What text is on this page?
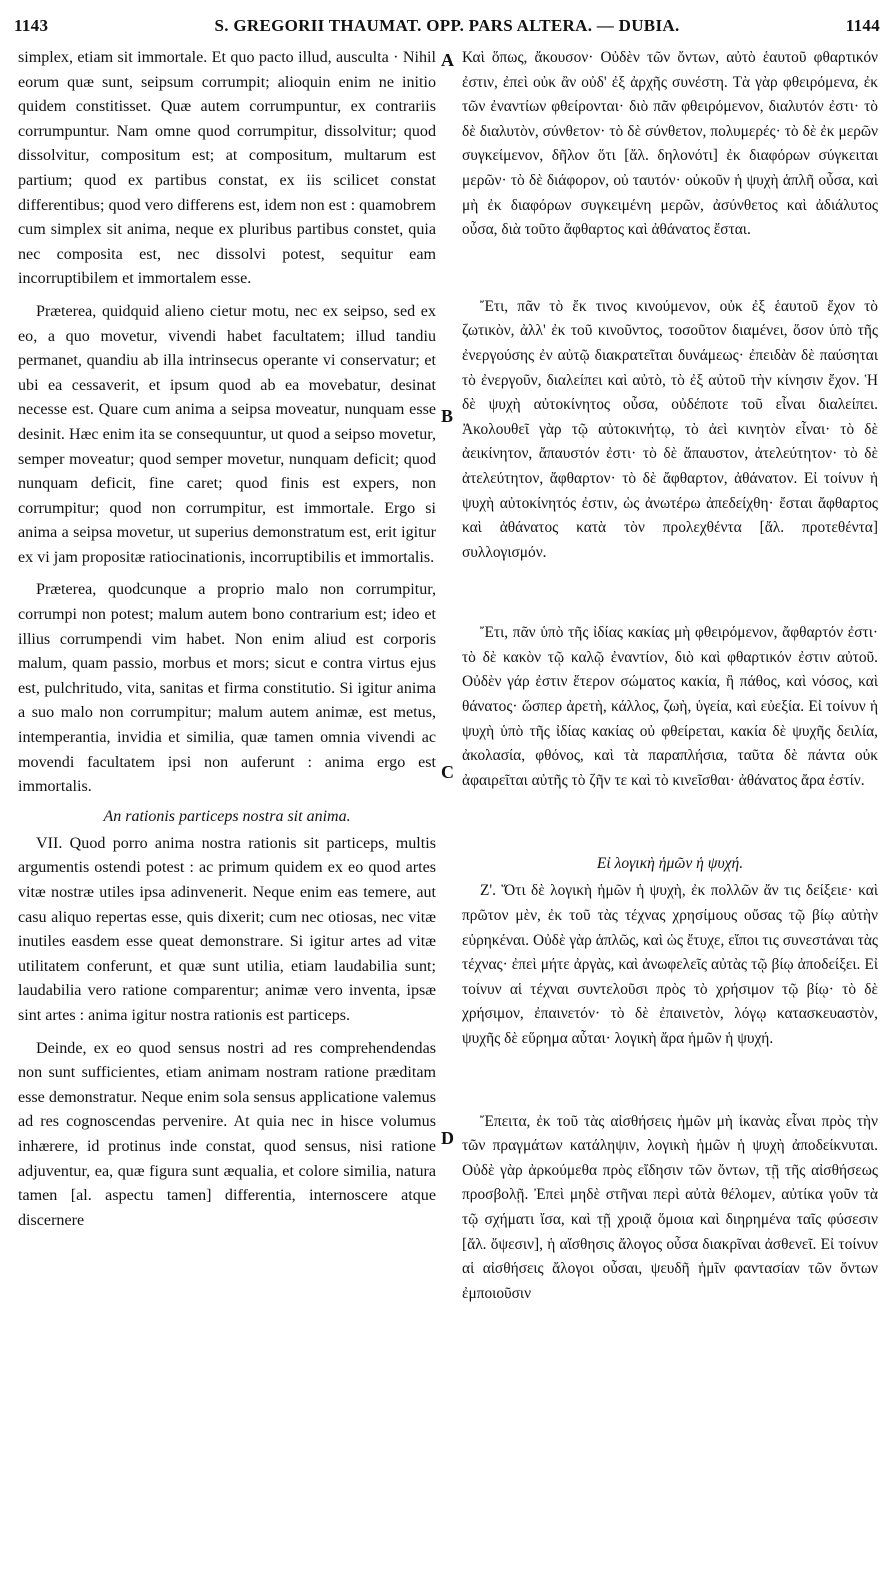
1143	S. GREGORII THAUMAT. OPP. PARS ALTERA. — DUBIA.	1144
A
B
C
D

simplex, etiam sit immortale. Et quo pacto illud, ausculta · Nihil eorum quæ sunt, seipsum corrumpit; alioquin enim ne initio quidem constitisset. Quæ autem corrumpuntur, ex contrariis corrumpuntur. Nam omne quod corrumpitur, dissolvitur; quod dissolvitur, compositum est; at compositum, multarum est partium; quod ex partibus constat, ex iis scilicet constat differentibus; quod vero differens est, idem non est : quamobrem cum simplex sit anima, neque ex pluribus partibus constet, quia nec composita est, nec dissolvi potest, sequitur eam incorruptibilem et immortalem esse.

Præterea, quidquid alieno cietur motu, nec ex seipso, sed ex eo, a quo movetur, vivendi habet facultatem; illud tandiu permanet, quandiu ab illa intrinsecus operante vi conservatur; et ubi ea cessaverit, et ipsum quod ab ea movebatur, desinat necesse est. Quare cum anima a seipsa moveatur, nunquam esse desinit. Hæc enim ita se consequuntur, ut quod a seipso movetur, semper moveatur; quod semper movetur, nunquam deficit; quod nunquam deficit, fine caret; quod finis est expers, non corrumpitur; quod non corrumpitur, est immortale. Ergo si anima a seipsa movetur, ut superius demonstratum est, erit igitur ex vi jam propositæ ratiocinationis, incorruptibilis et immortalis.

Præterea, quodcunque a proprio malo non corrumpitur, corrumpi non potest; malum autem bono contrarium est; ideo et illius corrumpendi vim habet. Non enim aliud est corporis malum, quam passio, morbus et mors; sicut e contra virtus ejus est, pulchritudo, vita, sanitas et firma constitutio. Si igitur anima a suo malo non corrumpitur; malum autem animæ, est metus, intemperantia, invidia et similia, quæ tamen omnia vivendi ac movendi facultatem ipsi non auferunt : anima ergo est immortalis.

An rationis particeps nostra sit anima.

VII. Quod porro anima nostra rationis sit particeps, multis argumentis ostendi potest : ac primum quidem ex eo quod artes vitæ nostræ utiles ipsa adinvenerit. Neque enim eas temere, aut casu aliquo repertas esse, quis dixerit; cum nec otiosas, nec vitæ inutiles easdem esse queat demonstrare. Si igitur artes ad vitæ utilitatem conferunt, et quæ sunt utilia, etiam laudabilia sunt; laudabilia vero ratione comparentur; animæ vero inventa, ipsæ sint artes : anima igitur nostra rationis est particeps.

Deinde, ex eo quod sensus nostri ad res comprehendendas non sunt sufficientes, etiam animam nostram ratione præditam esse demonstratur. Neque enim sola sensus applicatione valemus ad res cognoscendas pervenire. At quia nec in hisce volumus inhærere, id protinus inde constat, quod sensus, nisi ratione adjuventur, ea, quæ figura sunt æqualia, et colore similia, natura tamen [al. aspectu tamen] differentia, internoscere atque discernere

Καὶ ὅπως, ἄκουσον· Οὐδὲν τῶν ὄντων, αὐτὸ ἑαυτοῦ φθαρτικόν ἐστιν, ἐπεὶ οὐκ ἂν οὐδ' ἐξ ἀρχῆς συνέστη. Τὰ γὰρ φθειρόμενα, ἐκ τῶν ἐναντίων φθείρονται· διὸ πᾶν φθειρόμενον, διαλυτόν ἐστι· τὸ δὲ διαλυτὸν, σύνθετον· τὸ δὲ σύνθετον, πολυμερές· τὸ δὲ ἐκ μερῶν συγκείμενον, δῆλον ὅτι [ἄλ. δηλονότι] ἐκ διαφόρων σύγκειται μερῶν· τὸ δὲ διάφορον, οὐ ταυτόν· οὐκοῦν ἡ ψυχὴ ἁπλῆ οὖσα, καὶ μὴ ἐκ διαφόρων συγκειμένη μερῶν, ἀσύνθετος καὶ ἀδιάλυτος οὖσα, διὰ τοῦτο ἄφθαρτος καὶ ἀθάνατος ἔσται.

Ἔτι, πᾶν τὸ ἔκ τινος κινούμενον, οὐκ ἐξ ἑαυτοῦ ἔχον τὸ ζωτικὸν, ἀλλ' ἐκ τοῦ κινοῦντος, τοσοῦτον διαμένει, ὅσον ὑπὸ τῆς ἐνεργούσης ἐν αὐτῷ διακρατεῖται δυνάμεως· ἐπειδὰν δὲ παύσηται τὸ ἐνεργοῦν, διαλείπει καὶ αὐτὸ, τὸ ἐξ αὐτοῦ τὴν κίνησιν ἔχον. Ἡ δὲ ψυχὴ αὐτοκίνητος οὖσα, οὐδέποτε τοῦ εἶναι διαλείπει. Ἀκολουθεῖ γὰρ τῷ αὐτοκινήτῳ, τὸ ἀεὶ κινητὸν εἶναι· τὸ δὲ ἀεικίνητον, ἄπαυστόν ἐστι· τὸ δὲ ἄπαυστον, ἀτελεύτητον· τὸ δὲ ἀτελεύτητον, ἄφθαρτον· τὸ δὲ ἄφθαρτον, ἀθάνατον. Εἰ τοίνυν ἡ ψυχὴ αὐτοκίνητός ἐστιν, ὡς ἀνωτέρω ἀπεδείχθη· ἔσται ἄφθαρτος καὶ ἀθάνατος κατὰ τὸν προλεχθέντα [ἄλ. προτεθέντα] συλλογισμόν.

Ἔτι, πᾶν ὑπὸ τῆς ἰδίας κακίας μὴ φθειρόμενον, ἄφθαρτόν ἐστι· τὸ δὲ κακὸν τῷ καλῷ ἐναντίον, διὸ καὶ φθαρτικόν ἐστιν αὐτοῦ. Οὐδὲν γάρ ἐστιν ἕτερον σώματος κακία, ἢ πάθος, καὶ νόσος, καὶ θάνατος· ὥσπερ ἀρετὴ, κάλλος, ζωὴ, ὑγεία, καὶ εὐεξία. Εἰ τοίνυν ἡ ψυχὴ ὑπὸ τῆς ἰδίας κακίας οὐ φθείρεται, κακία δὲ ψυχῆς δειλία, ἀκολασία, φθόνος, καὶ τὰ παραπλήσια, ταῦτα δὲ πάντα οὐκ ἀφαιρεῖται αὐτῆς τὸ ζῆν τε καὶ τὸ κινεῖσθαι· ἀθάνατος ἄρα ἐστίν.

Εἰ λογικὴ ἡμῶν ἡ ψυχή.

Ζ'. Ὅτι δὲ λογικὴ ἡμῶν ἡ ψυχὴ, ἐκ πολλῶν ἄν τις δείξειε· καὶ πρῶτον μὲν, ἐκ τοῦ τὰς τέχνας χρησίμους οὔσας τῷ βίῳ αὐτὴν εὑρηκέναι. Οὐδὲ γὰρ ἁπλῶς, καὶ ὡς ἔτυχε, εἴποι τις συνεστάναι τὰς τέχνας· ἐπεὶ μήτε ἀργὰς, καὶ ἀνωφελεῖς αὐτὰς τῷ βίῳ ἀποδείξει. Εἰ τοίνυν αἱ τέχναι συντελοῦσι πρὸς τὸ χρήσιμον τῷ βίῳ· τὸ δὲ χρήσιμον, ἐπαινετόν· τὸ δὲ ἐπαινετὸν, λόγῳ κατασκευαστὸν, ψυχῆς δὲ εὕρημα αὗται· λογικὴ ἄρα ἡμῶν ἡ ψυχή.

Ἔπειτα, ἐκ τοῦ τὰς αἰσθήσεις ἡμῶν μὴ ἱκανὰς εἶναι πρὸς τὴν τῶν πραγμάτων κατάληψιν, λογικὴ ἡμῶν ἡ ψυχὴ ἀποδείκνυται. Οὐδὲ γὰρ ἀρκούμεθα πρὸς εἴδησιν τῶν ὄντων, τῇ τῆς αἰσθήσεως προσβολῇ. Ἐπεὶ μηδὲ στῆναι περὶ αὐτὰ θέλομεν, αὐτίκα γοῦν τὰ τῷ σχήματι ἴσα, καὶ τῇ χροιᾷ ὅμοια καὶ διηρημένα ταῖς φύσεσιν [ἄλ. ὄψεσιν], ἡ αἴσθησις ἄλογος οὖσα διακρῖναι ἀσθενεῖ. Εἰ τοίνυν αἱ αἰσθήσεις ἄλογοι οὖσαι, ψευδῆ ἡμῖν φαντασίαν τῶν ὄντων ἐμποιοῦσιν
